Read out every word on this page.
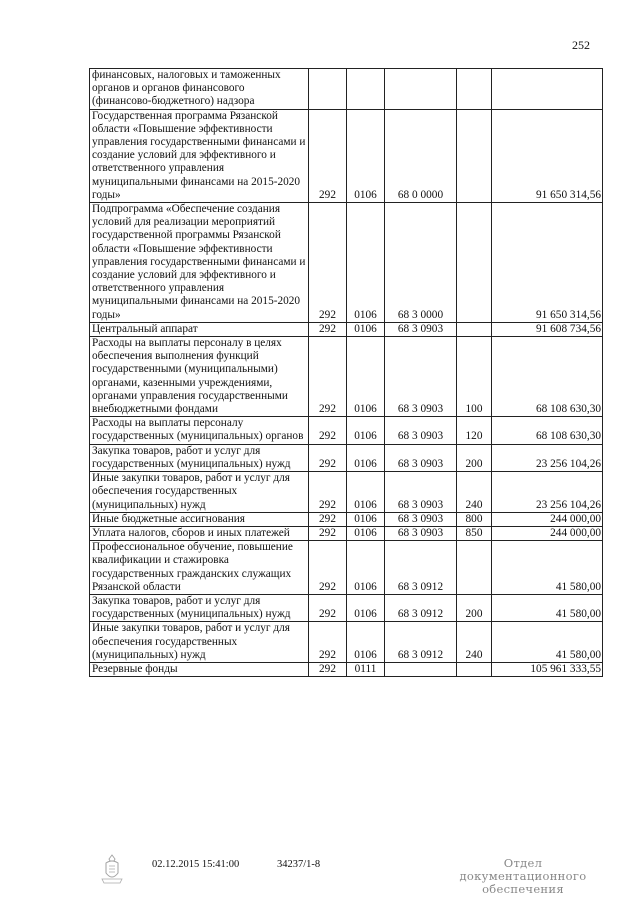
252
финансовых, налоговых и таможенных органов и органов финансового (финансово-бюджетного) надзора					
Государственная программа Рязанской области «Повышение эффективности управления государственными финансами и создание условий для эффективного и ответственного управления муниципальными финансами на 2015-2020 годы»	292	0106	68 0 0000		91 650 314,56
Подпрограмма «Обеспечение создания условий для реализации мероприятий государственной программы Рязанской области «Повышение эффективности управления государственными финансами и создание условий для эффективного и ответственного управления муниципальными финансами на 2015-2020 годы»	292	0106	68 3 0000		91 650 314,56
Центральный аппарат	292	0106	68 3 0903		91 608 734,56
Расходы на выплаты персоналу в целях обеспечения выполнения функций государственными (муниципальными) органами, казенными учреждениями, органами управления государственными внебюджетными фондами	292	0106	68 3 0903	100	68 108 630,30
Расходы на выплаты персоналу государственных (муниципальных) органов	292	0106	68 3 0903	120	68 108 630,30
Закупка товаров, работ и услуг для государственных (муниципальных) нужд	292	0106	68 3 0903	200	23 256 104,26
Иные закупки товаров, работ и услуг для обеспечения государственных (муниципальных) нужд	292	0106	68 3 0903	240	23 256 104,26
Иные бюджетные ассигнования	292	0106	68 3 0903	800	244 000,00
Уплата налогов, сборов и иных платежей	292	0106	68 3 0903	850	244 000,00
Профессиональное обучение, повышение квалификации и стажировка государственных гражданских служащих Рязанской области	292	0106	68 3 0912		41 580,00
Закупка товаров, работ и услуг для государственных (муниципальных) нужд	292	0106	68 3 0912	200	41 580,00
Иные закупки товаров, работ и услуг для обеспечения государственных (муниципальных) нужд	292	0106	68 3 0912	240	41 580,00
Резервные фонды	292	0111			105 961 333,55
02.12.2015 15:41:00	34237/1-8	Отдел документационного
обеспечения
